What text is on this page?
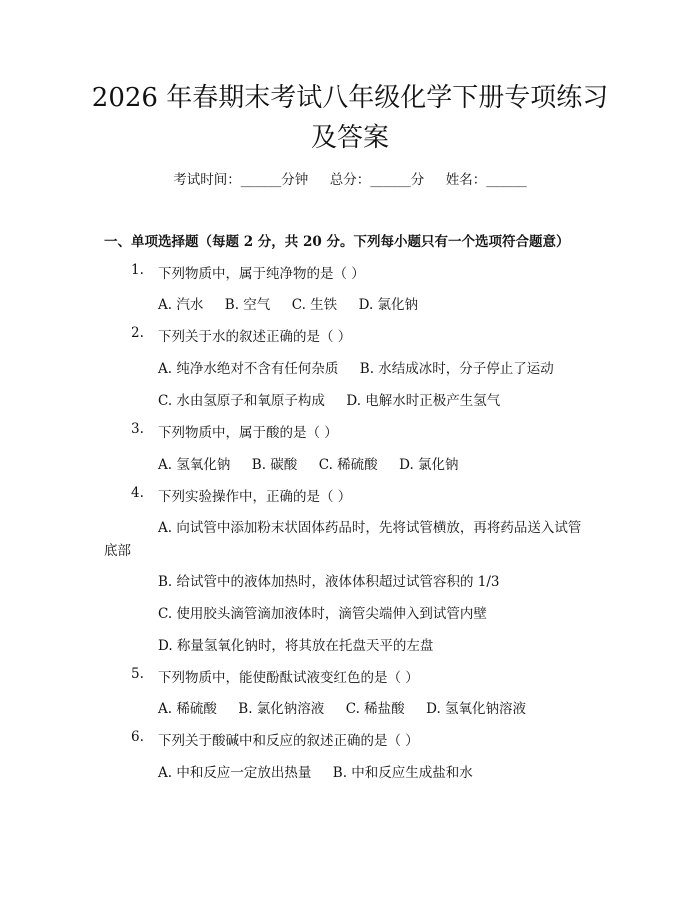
2026 年春期末考试八年级化学下册专项练习
及答案
考试时间：______分钟     总分：______分     姓名：______
一、单项选择题（每题 2 分，共 20 分。下列每小题只有一个选项符合题意）
1. 下列物质中，属于纯净物的是（ ）
A. 汽水     B. 空气     C. 生铁     D. 氯化钠
2. 下列关于水的叙述正确的是（ ）
A. 纯净水绝对不含有任何杂质     B. 水结成冰时，分子停止了运动
C. 水由氢原子和氧原子构成     D. 电解水时正极产生氢气
3. 下列物质中，属于酸的是（ ）
A. 氢氧化钠     B. 碳酸     C. 稀硫酸     D. 氯化钠
4. 下列实验操作中，正确的是（ ）
A. 向试管中添加粉末状固体药品时，先将试管横放，再将药品送入试管
底部
B. 给试管中的液体加热时，液体体积超过试管容积的 1/3
C. 使用胶头滴管滴加液体时，滴管尖端伸入到试管内壁
D. 称量氢氧化钠时，将其放在托盘天平的左盘
5. 下列物质中，能使酚酞试液变红色的是（ ）
A. 稀硫酸     B. 氯化钠溶液     C. 稀盐酸     D. 氢氧化钠溶液
6. 下列关于酸碱中和反应的叙述正确的是（ ）
A. 中和反应一定放出热量     B. 中和反应生成盐和水
